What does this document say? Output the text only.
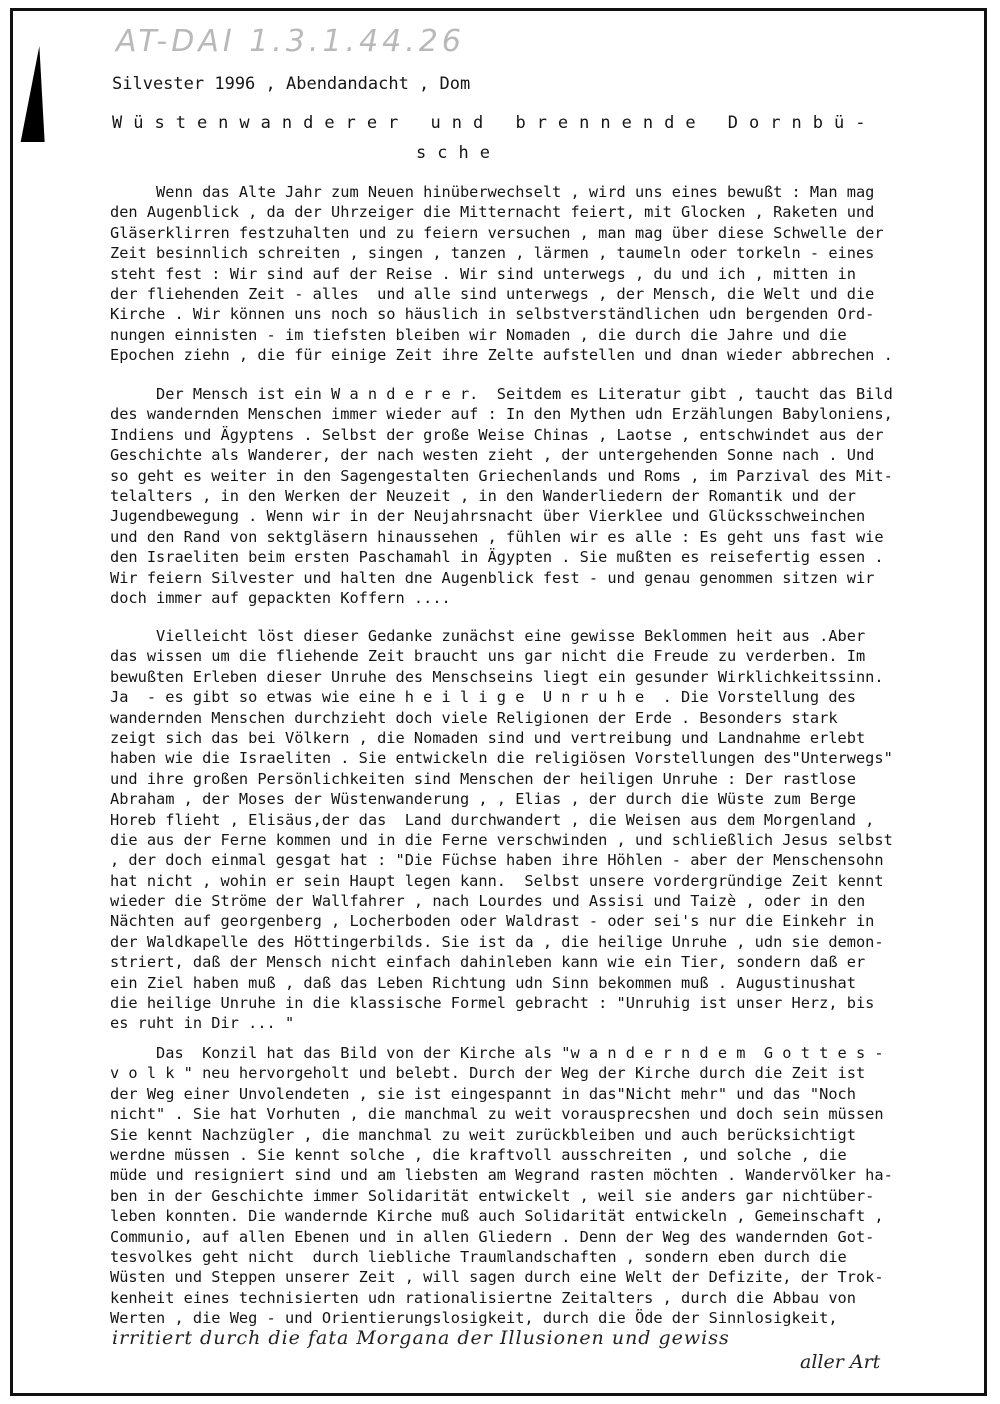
AT-DAI 1.3.1.44.26
Silvester 1996 , Abendandacht , Dom
Wüstenwanderer und brennende Dornbü-
sche
Wenn das Alte Jahr zum Neuen hinüberwechselt , wird uns eines bewußt : Man mag
den Augenblick , da der Uhrzeiger die Mitternacht feiert, mit Glocken , Raketen und
Gläserklirren festzuhalten und zu feiern versuchen , man mag über diese Schwelle der
Zeit besinnlich schreiten , singen , tanzen , lärmen , taumeln oder torkeln - eines
steht fest : Wir sind auf der Reise . Wir sind unterwegs , du und ich , mitten in
der fliehenden Zeit - alles  und alle sind unterwegs , der Mensch, die Welt und die
Kirche . Wir können uns noch so häuslich in selbstverständlichen udn bergenden Ord-
nungen einnisten - im tiefsten bleiben wir Nomaden , die durch die Jahre und die
Epochen ziehn , die für einige Zeit ihre Zelte aufstellen und dnan wieder abbrechen .
Der Mensch ist ein W a n d e r e r.  Seitdem es Literatur gibt , taucht das Bild
des wandernden Menschen immer wieder auf : In den Mythen udn Erzählungen Babyloniens,
Indiens und Ägyptens . Selbst der große Weise Chinas , Laotse , entschwindet aus der
Geschichte als Wanderer, der nach westen zieht , der untergehenden Sonne nach . Und
so geht es weiter in den Sagengestalten Griechenlands und Roms , im Parzival des Mit-
telalters , in den Werken der Neuzeit , in den Wanderliedern der Romantik und der
Jugendbewegung . Wenn wir in der Neujahrsnacht über Vierklee und Glücksschweinchen
und den Rand von sektgläsern hinaussehen , fühlen wir es alle : Es geht uns fast wie
den Israeliten beim ersten Paschamahl in Ägypten . Sie mußten es reisefertig essen .
Wir feiern Silvester und halten dne Augenblick fest - und genau genommen sitzen wir
doch immer auf gepackten Koffern ....
Vielleicht löst dieser Gedanke zunächst eine gewisse Beklommen heit aus .Aber
das wissen um die fliehende Zeit braucht uns gar nicht die Freude zu verderben. Im
bewußten Erleben dieser Unruhe des Menschseins liegt ein gesunder Wirklichkeitssinn.
Ja  - es gibt so etwas wie eine h e i l i g e  U n r u h e  . Die Vorstellung des
wandernden Menschen durchzieht doch viele Religionen der Erde . Besonders stark
zeigt sich das bei Völkern , die Nomaden sind und vertreibung und Landnahme erlebt
haben wie die Israeliten . Sie entwickeln die religiösen Vorstellungen des"Unterwegs"
und ihre großen Persönlichkeiten sind Menschen der heiligen Unruhe : Der rastlose
Abraham , der Moses der Wüstenwanderung , , Elias , der durch die Wüste zum Berge
Horeb flieht , Elisäus,der das  Land durchwandert , die Weisen aus dem Morgenland ,
die aus der Ferne kommen und in die Ferne verschwinden , und schließlich Jesus selbst
, der doch einmal gesgat hat : "Die Füchse haben ihre Höhlen - aber der Menschensohn
hat nicht , wohin er sein Haupt legen kann.  Selbst unsere vordergründige Zeit kennt
wieder die Ströme der Wallfahrer , nach Lourdes und Assisi und Taizè , oder in den
Nächten auf georgenberg , Locherboden oder Waldrast - oder sei's nur die Einkehr in
der Waldkapelle des Höttingerbilds. Sie ist da , die heilige Unruhe , udn sie demon-
striert, daß der Mensch nicht einfach dahinleben kann wie ein Tier, sondern daß er
ein Ziel haben muß , daß das Leben Richtung udn Sinn bekommen muß . Augustinushat
die heilige Unruhe in die klassische Formel gebracht : "Unruhig ist unser Herz, bis
es ruht in Dir ... "
Das  Konzil hat das Bild von der Kirche als "w a n d e r n d e m  G o t t e s -
v o l k " neu hervorgeholt und belebt. Durch der Weg der Kirche durch die Zeit ist
der Weg einer Unvolendeten , sie ist eingespannt in das"Nicht mehr" und das "Noch
nicht" . Sie hat Vorhuten , die manchmal zu weit vorausprecshen und doch sein müssen
Sie kennt Nachzügler , die manchmal zu weit zurückbleiben und auch berücksichtigt
werdne müssen . Sie kennt solche , die kraftvoll ausschreiten , und solche , die
müde und resigniert sind und am liebsten am Wegrand rasten möchten . Wandervölker ha-
ben in der Geschichte immer Solidarität entwickelt , weil sie anders gar nichtüber-
leben konnten. Die wandernde Kirche muß auch Solidarität entwickeln , Gemeinschaft ,
Communio, auf allen Ebenen und in allen Gliedern . Denn der Weg des wandernden Got-
tesvolkes geht nicht  durch liebliche Traumlandschaften , sondern eben durch die
Wüsten und Steppen unserer Zeit , will sagen durch eine Welt der Defizite, der Trok-
kenheit eines technisierten udn rationalisiertne Zeitalters , durch die Abbau von
Werten , die Weg - und Orientierungslosigkeit, durch die Öde der Sinnlosigkeit,
irritiert durch die fata Morgana der Illusionen und gewiss
aller Art
